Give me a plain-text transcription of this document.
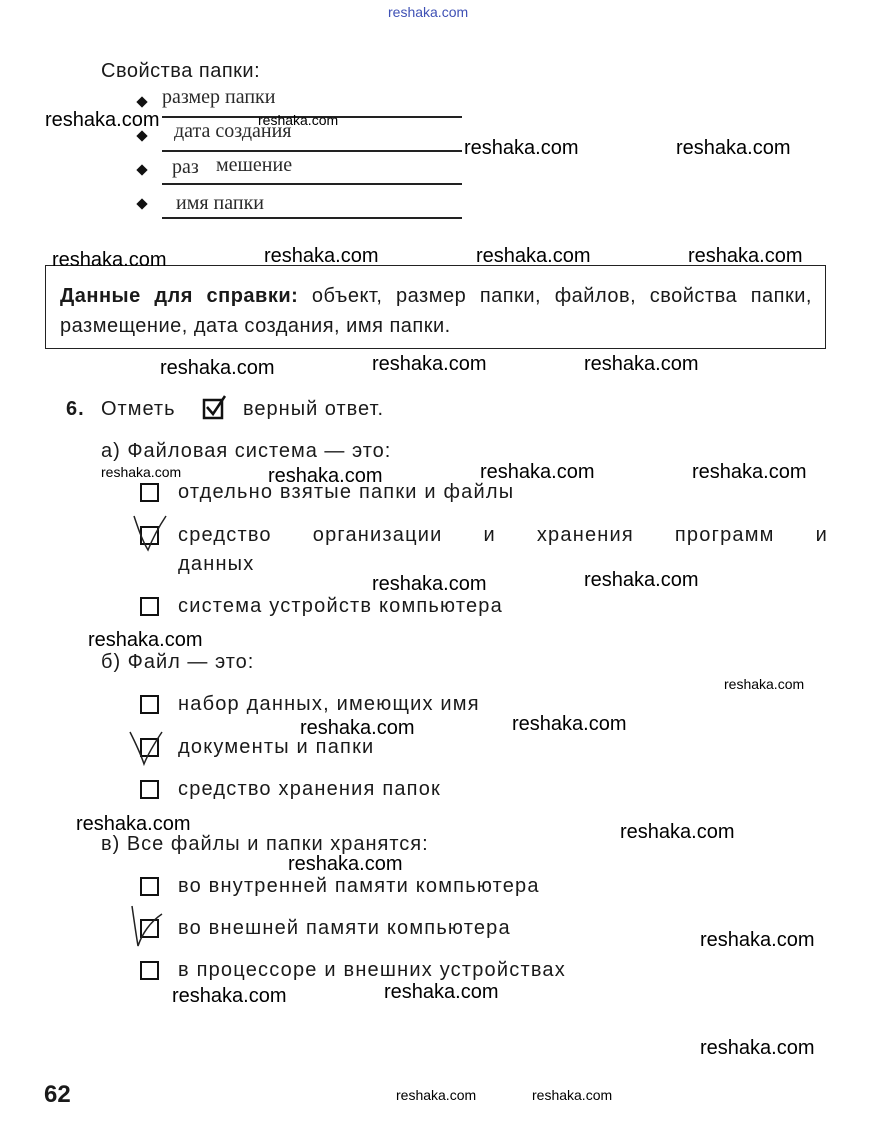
reshaka.com
Свойства папки:
размер папки
дата создания
раз мешение
имя папки
Данные для справки: объект, размер папки, файлов, свойства папки, размещение, дата создания, имя папки.
6. Отметь	верный ответ.
а) Файловая система — это:
отдельно взятые папки и файлы
средство организации и хранения программ и
данных
система устройств компьютера
б) Файл — это:
набор данных, имеющих имя
документы и папки
средство хранения папок
в) Все файлы и папки хранятся:
во внутренней памяти компьютера
во внешней памяти компьютера
в процессоре и внешних устройствах
62
reshaka.com	reshaka.com
reshaka.com	reshaka.com
reshaka.com	reshaka.com	reshaka.com	reshaka.com
reshaka.com	reshaka.com	reshaka.com
reshaka.com	reshaka.com	reshaka.com	reshaka.com
reshaka.com	reshaka.com
reshaka.com
reshaka.com
reshaka.com	reshaka.com
reshaka.com	reshaka.com
reshaka.com
reshaka.com
reshaka.com	reshaka.com
reshaka.com
reshaka.com	reshaka.com
